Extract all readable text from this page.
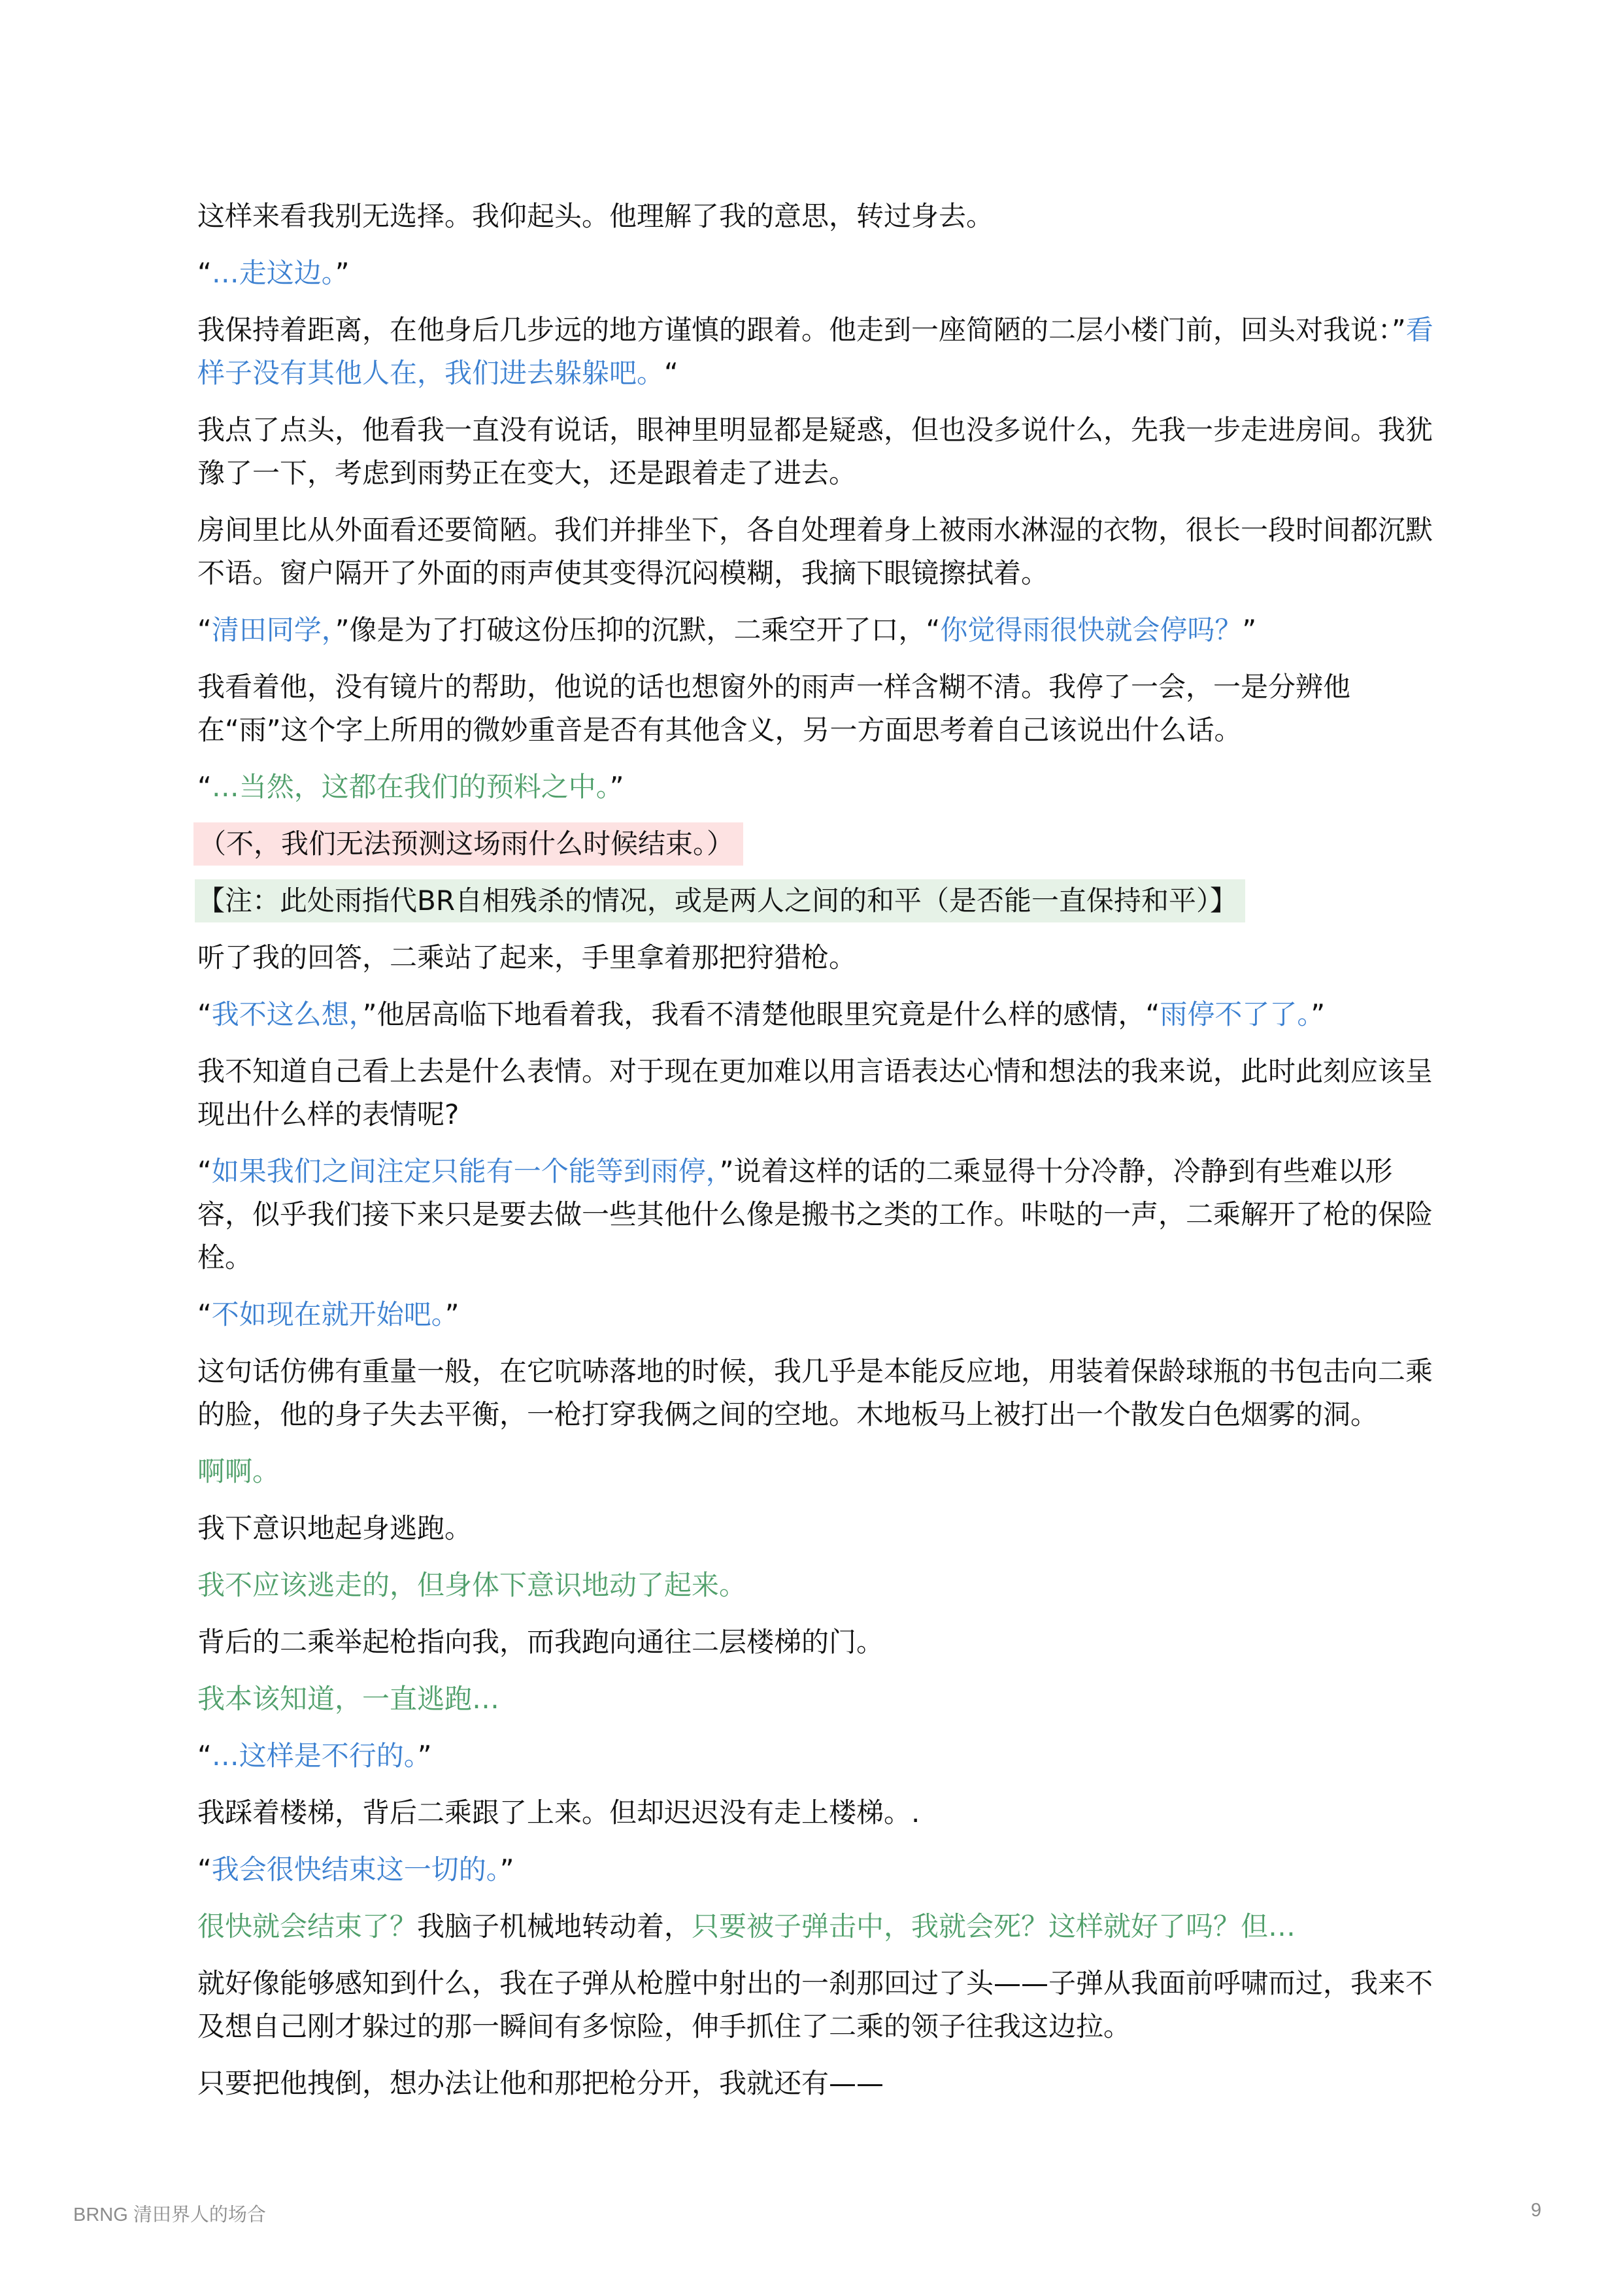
这样来看我别无选择。我仰起头。他理解了我的意思，转过身去。
“…走这边。”
我保持着距离，在他身后几步远的地方谨慎的跟着。他走到一座简陋的二层小楼门前，回头对我说：”看样子没有其他人在，我们进去躲躲吧。“
我点了点头，他看我一直没有说话，眼神里明显都是疑惑，但也没多说什么，先我一步走进房间。我犹豫了一下，考虑到雨势正在变大，还是跟着走了进去。
房间里比从外面看还要简陋。我们并排坐下，各自处理着身上被雨水淋湿的衣物，很长一段时间都沉默不语。窗户隔开了外面的雨声使其变得沉闷模糊，我摘下眼镜擦拭着。
“清田同学，”像是为了打破这份压抑的沉默，二乘空开了口，“你觉得雨很快就会停吗？”
我看着他，没有镜片的帮助，他说的话也想窗外的雨声一样含糊不清。我停了一会，一是分辨他在“雨”这个字上所用的微妙重音是否有其他含义，另一方面思考着自己该说出什么话。
“…当然，这都在我们的预料之中。”
（不，我们无法预测这场雨什么时候结束。）
【注：此处雨指代BR自相残杀的情况，或是两人之间的和平（是否能一直保持和平）】
听了我的回答，二乘站了起来，手里拿着那把狩猎枪。
“我不这么想，”他居高临下地看着我，我看不清楚他眼里究竟是什么样的感情，“雨停不了了。”
我不知道自己看上去是什么表情。对于现在更加难以用言语表达心情和想法的我来说，此时此刻应该呈现出什么样的表情呢?
“如果我们之间注定只能有一个能等到雨停，”说着这样的话的二乘显得十分冷静，冷静到有些难以形容，似乎我们接下来只是要去做一些其他什么像是搬书之类的工作。咔哒的一声，二乘解开了枪的保险栓。
“不如现在就开始吧。”
这句话仿佛有重量一般，在它吭哧落地的时候，我几乎是本能反应地，用装着保龄球瓶的书包击向二乘的脸，他的身子失去平衡，一枪打穿我俩之间的空地。木地板马上被打出一个散发白色烟雾的洞。
啊啊。
我下意识地起身逃跑。
我不应该逃走的，但身体下意识地动了起来。
背后的二乘举起枪指向我，而我跑向通往二层楼梯的门。
我本该知道，一直逃跑…
“…这样是不行的。”
我踩着楼梯，背后二乘跟了上来。但却迟迟没有走上楼梯。.
“我会很快结束这一切的。”
很快就会结束了？我脑子机械地转动着，只要被子弹击中，我就会死？这样就好了吗？但…
就好像能够感知到什么，我在子弹从枪膛中射出的一刹那回过了头——子弹从我面前呼啸而过，我来不及想自己刚才躲过的那一瞬间有多惊险，伸手抓住了二乘的领子往我这边拉。
只要把他拽倒，想办法让他和那把枪分开，我就还有——
BRNG 清田界人的场合	9
